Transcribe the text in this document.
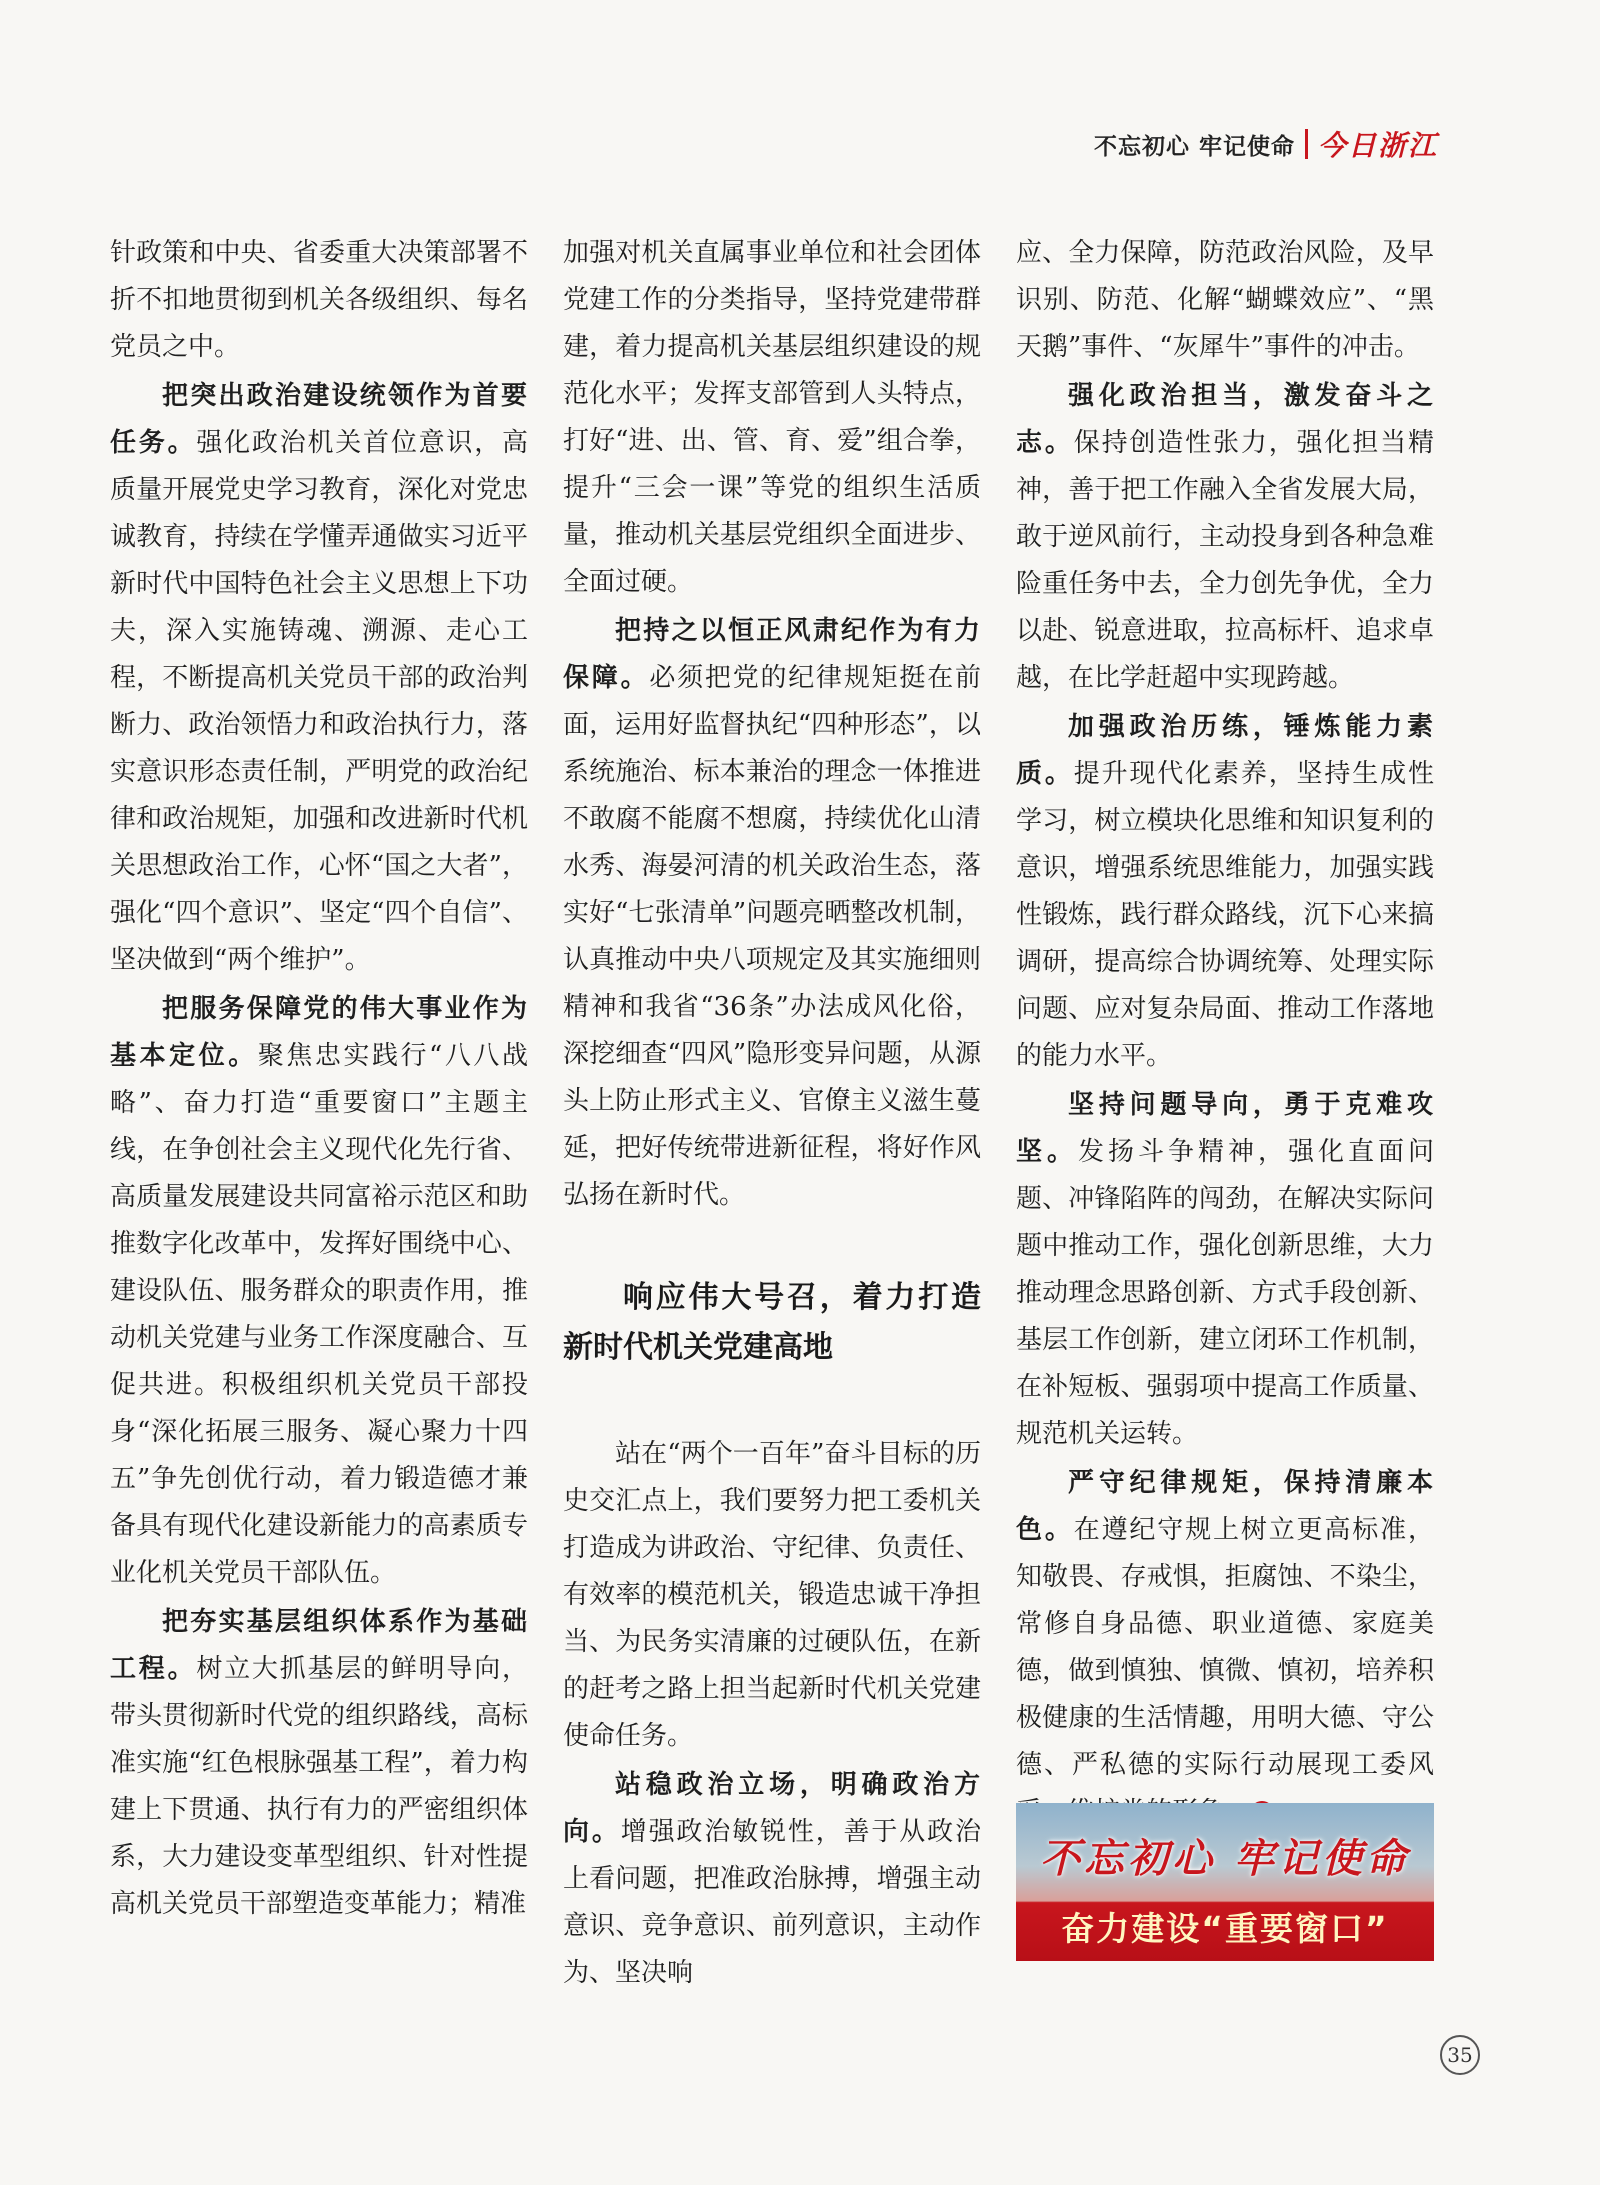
不忘初心 牢记使命 今日浙江

针政策和中央、省委重大决策部署不折不扣地贯彻到机关各级组织、每名党员之中。

把突出政治建设统领作为首要任务。强化政治机关首位意识，高质量开展党史学习教育，深化对党忠诚教育，持续在学懂弄通做实习近平新时代中国特色社会主义思想上下功夫，深入实施铸魂、溯源、走心工程，不断提高机关党员干部的政治判断力、政治领悟力和政治执行力，落实意识形态责任制，严明党的政治纪律和政治规矩，加强和改进新时代机关思想政治工作，心怀“国之大者”，强化“四个意识”、坚定“四个自信”、坚决做到“两个维护”。

把服务保障党的伟大事业作为基本定位。聚焦忠实践行“八八战略”、奋力打造“重要窗口”主题主线，在争创社会主义现代化先行省、高质量发展建设共同富裕示范区和助推数字化改革中，发挥好围绕中心、建设队伍、服务群众的职责作用，推动机关党建与业务工作深度融合、互促共进。积极组织机关党员干部投身“深化拓展三服务、凝心聚力十四五”争先创优行动，着力锻造德才兼备具有现代化建设新能力的高素质专业化机关党员干部队伍。

把夯实基层组织体系作为基础工程。树立大抓基层的鲜明导向，带头贯彻新时代党的组织路线，高标准实施“红色根脉强基工程”，着力构建上下贯通、执行有力的严密组织体系，大力建设变革型组织、针对性提高机关党员干部塑造变革能力；精准

加强对机关直属事业单位和社会团体党建工作的分类指导，坚持党建带群建，着力提高机关基层组织建设的规范化水平；发挥支部管到人头特点，打好“进、出、管、育、爱”组合拳，提升“三会一课”等党的组织生活质量，推动机关基层党组织全面进步、全面过硬。

把持之以恒正风肃纪作为有力保障。必须把党的纪律规矩挺在前面，运用好监督执纪“四种形态”，以系统施治、标本兼治的理念一体推进不敢腐不能腐不想腐，持续优化山清水秀、海晏河清的机关政治生态，落实好“七张清单”问题亮晒整改机制，认真推动中央八项规定及其实施细则精神和我省“36条”办法成风化俗，深挖细查“四风”隐形变异问题，从源头上防止形式主义、官僚主义滋生蔓延，把好传统带进新征程，将好作风弘扬在新时代。

响应伟大号召，着力打造新时代机关党建高地

站在“两个一百年”奋斗目标的历史交汇点上，我们要努力把工委机关打造成为讲政治、守纪律、负责任、有效率的模范机关，锻造忠诚干净担当、为民务实清廉的过硬队伍，在新的赶考之路上担当起新时代机关党建使命任务。

站稳政治立场，明确政治方向。增强政治敏锐性，善于从政治上看问题，把准政治脉搏，增强主动意识、竞争意识、前列意识，主动作为、坚决响

应、全力保障，防范政治风险，及早识别、防范、化解“蝴蝶效应”、“黑天鹅”事件、“灰犀牛”事件的冲击。

强化政治担当，激发奋斗之志。保持创造性张力，强化担当精神，善于把工作融入全省发展大局，敢于逆风前行，主动投身到各种急难险重任务中去，全力创先争优，全力以赴、锐意进取，拉高标杆、追求卓越，在比学赶超中实现跨越。

加强政治历练，锤炼能力素质。提升现代化素养，坚持生成性学习，树立模块化思维和知识复利的意识，增强系统思维能力，加强实践性锻炼，践行群众路线，沉下心来搞调研，提高综合协调统筹、处理实际问题、应对复杂局面、推动工作落地的能力水平。

坚持问题导向，勇于克难攻坚。发扬斗争精神，强化直面问题、冲锋陷阵的闯劲，在解决实际问题中推动工作，强化创新思维，大力推动理念思路创新、方式手段创新、基层工作创新，建立闭环工作机制，在补短板、强弱项中提高工作质量、规范机关运转。

严守纪律规矩，保持清廉本色。在遵纪守规上树立更高标准，知敬畏、存戒惧，拒腐蚀、不染尘，常修自身品德、职业道德、家庭美德，做到慎独、慎微、慎初，培养积极健康的生活情趣，用明大德、守公德、严私德的实际行动展现工委风

不忘初心 牢记使命
奋力建设“重要窗口”
35
